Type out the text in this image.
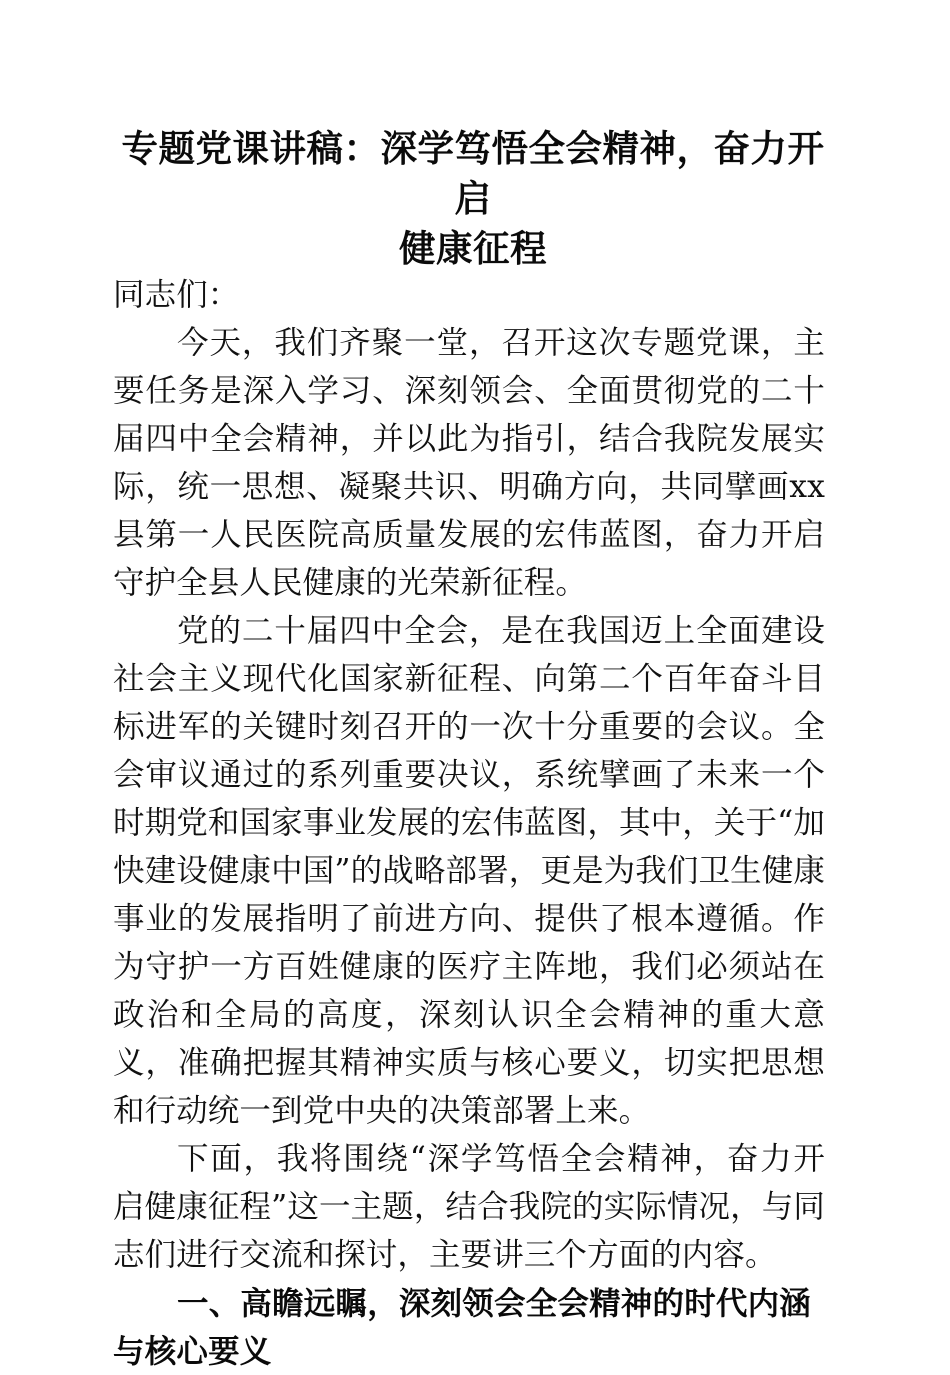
专题党课讲稿：深学笃悟全会精神，奋力开启
健康征程

同志们：

今天，我们齐聚一堂，召开这次专题党课，主要任务是深入学习、深刻领会、全面贯彻党的二十届四中全会精神，并以此为指引，结合我院发展实际，统一思想、凝聚共识、明确方向，共同擘画xx县第一人民医院高质量发展的宏伟蓝图，奋力开启守护全县人民健康的光荣新征程。

党的二十届四中全会，是在我国迈上全面建设社会主义现代化国家新征程、向第二个百年奋斗目标进军的关键时刻召开的一次十分重要的会议。全会审议通过的系列重要决议，系统擘画了未来一个时期党和国家事业发展的宏伟蓝图，其中，关于“加快建设健康中国”的战略部署，更是为我们卫生健康事业的发展指明了前进方向、提供了根本遵循。作为守护一方百姓健康的医疗主阵地，我们必须站在政治和全局的高度，深刻认识全会精神的重大意义，准确把握其精神实质与核心要义，切实把思想和行动统一到党中央的决策部署上来。

下面，我将围绕“深学笃悟全会精神，奋力开启健康征程”这一主题，结合我院的实际情况，与同志们进行交流和探讨，主要讲三个方面的内容。

一、高瞻远瞩，深刻领会全会精神的时代内涵与核心要义
